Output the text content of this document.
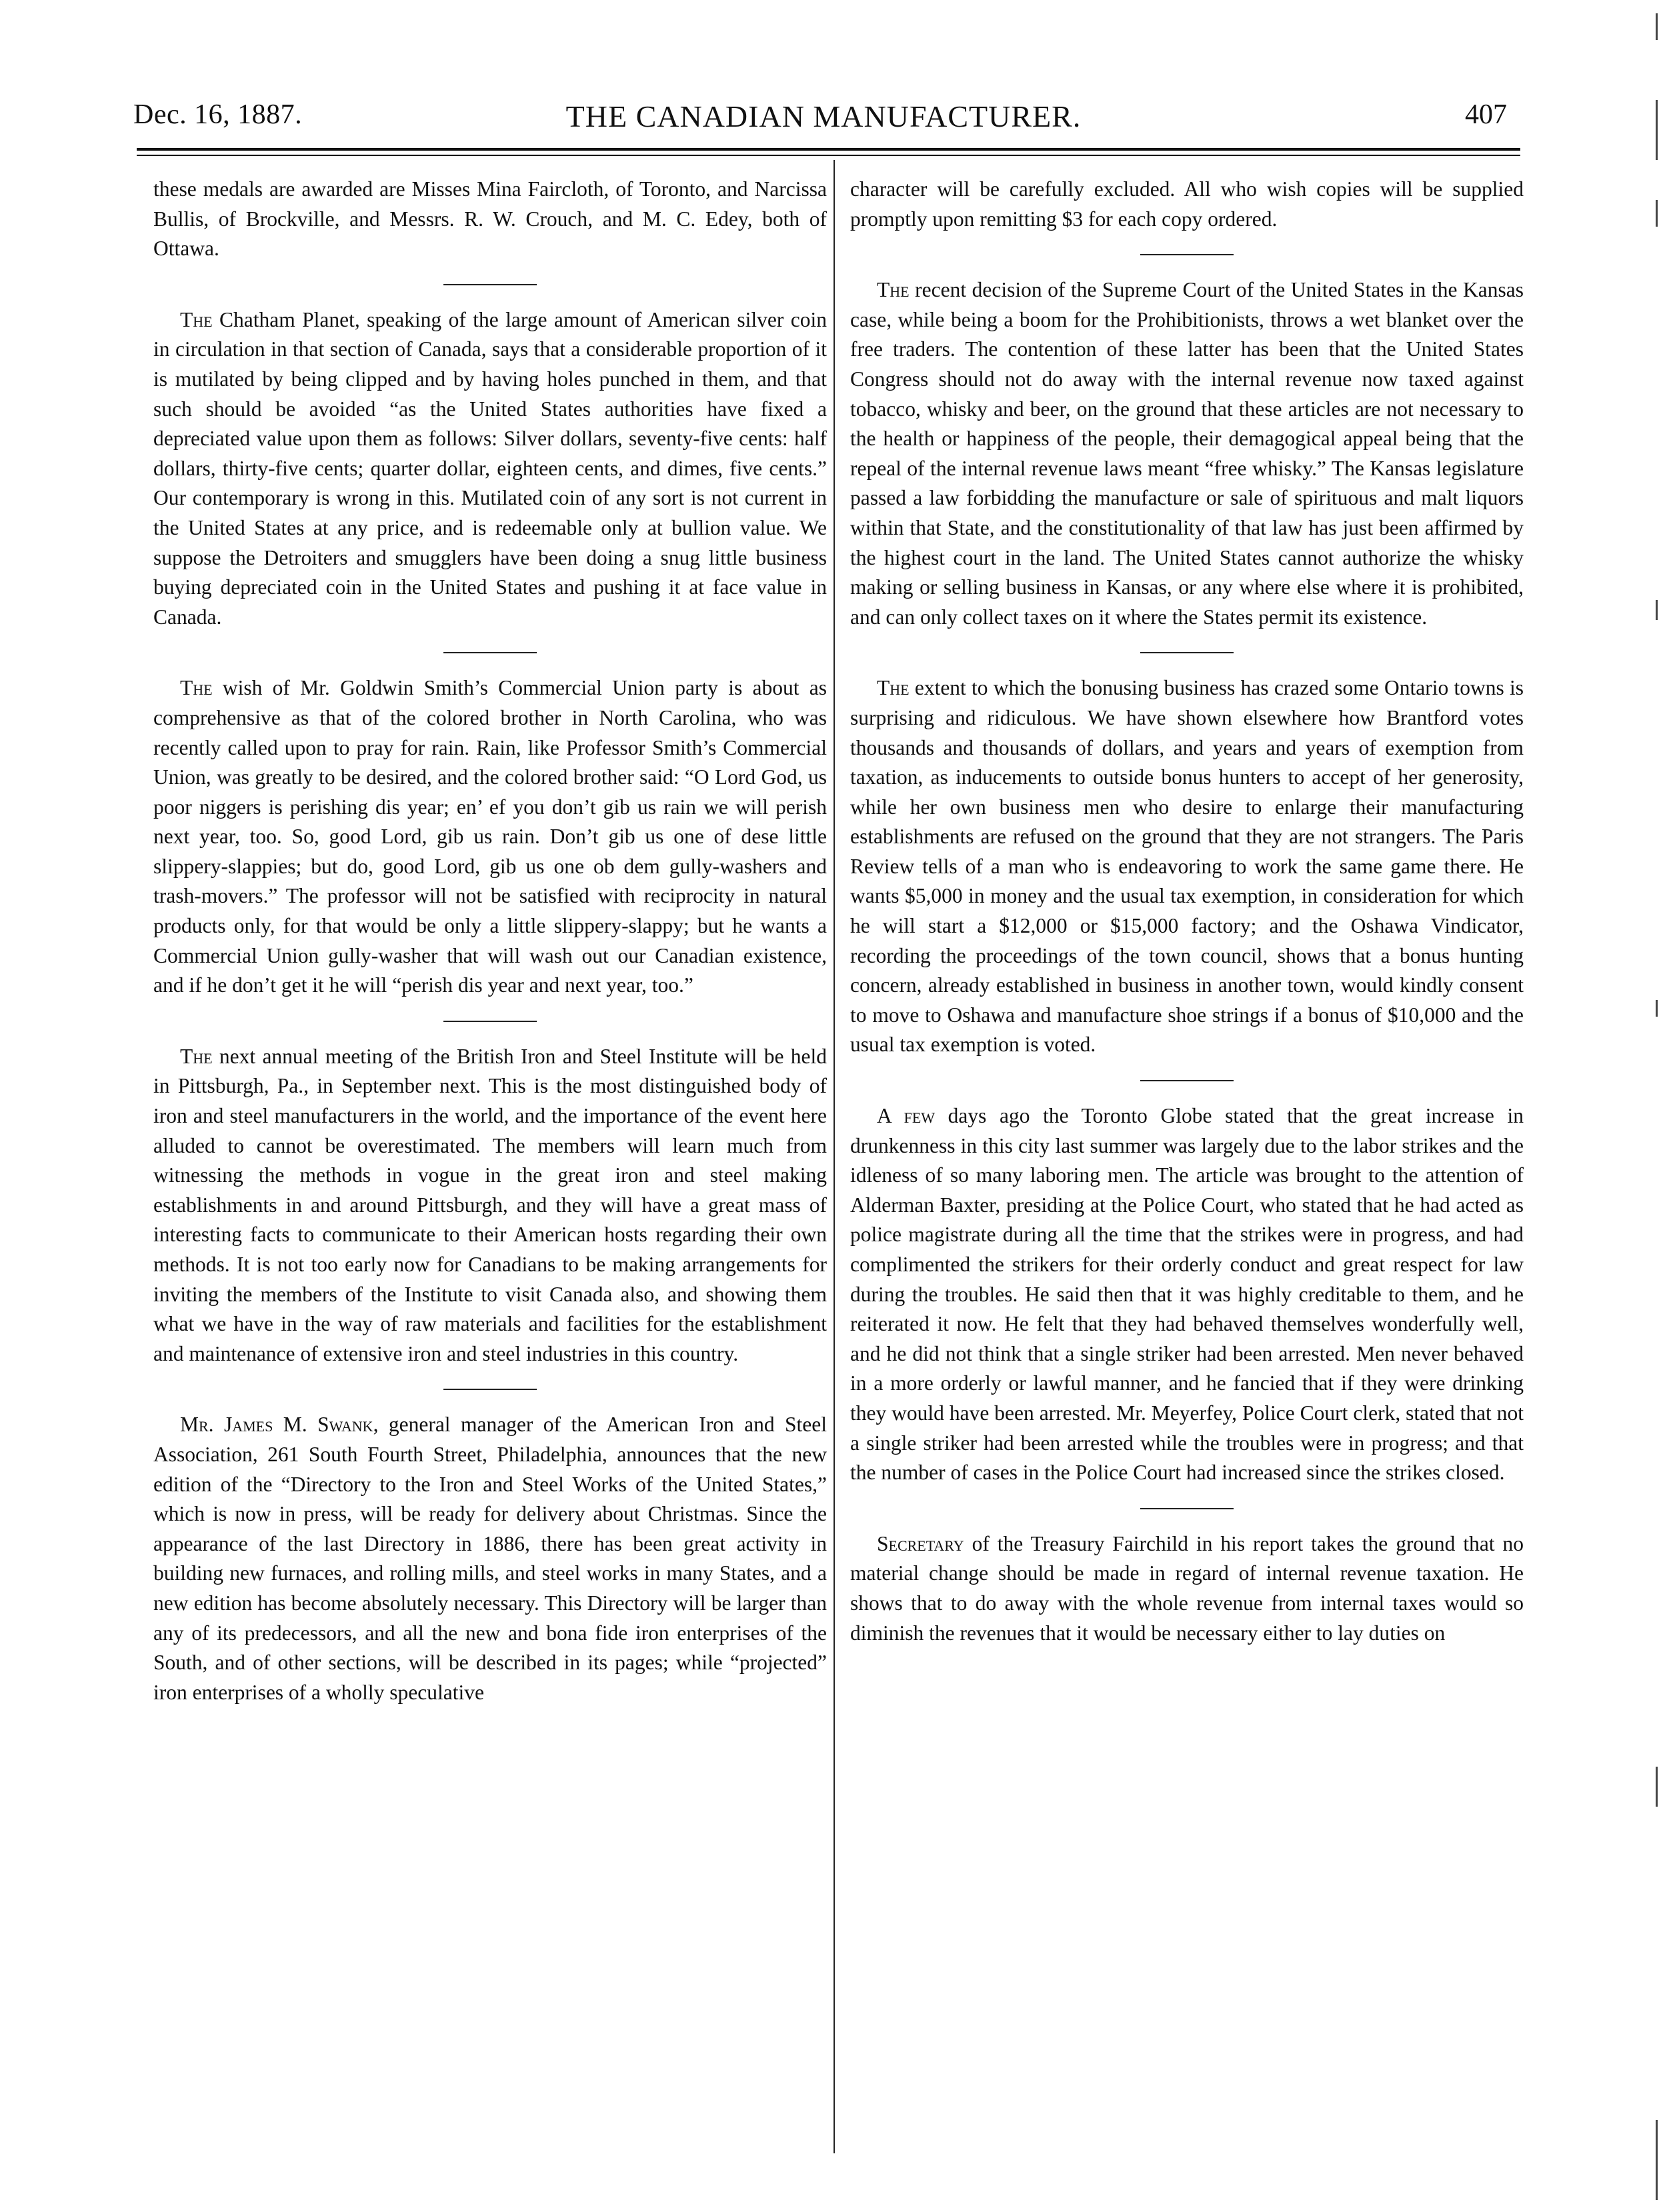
Dec. 16, 1887.	THE CANADIAN MANUFACTURER.	407

these medals are awarded are Misses Mina Faircloth, of Toronto, and Narcissa Bullis, of Brockville, and Messrs. R. W. Crouch, and M. C. Edey, both of Ottawa.

The Chatham Planet, speaking of the large amount of American silver coin in circulation in that section of Canada, says that a considerable proportion of it is mutilated by being clipped and by having holes punched in them, and that such should be avoided “as the United States authorities have fixed a depreciated value upon them as follows: Silver dollars, seventy-five cents: half dollars, thirty-five cents; quarter dollar, eighteen cents, and dimes, five cents.” Our contemporary is wrong in this. Mutilated coin of any sort is not current in the United States at any price, and is redeemable only at bullion value. We suppose the Detroiters and smugglers have been doing a snug little business buying depreciated coin in the United States and pushing it at face value in Canada.

The wish of Mr. Goldwin Smith’s Commercial Union party is about as comprehensive as that of the colored brother in North Carolina, who was recently called upon to pray for rain. Rain, like Professor Smith’s Commercial Union, was greatly to be desired, and the colored brother said: “O Lord God, us poor niggers is perishing dis year; en’ ef you don’t gib us rain we will perish next year, too. So, good Lord, gib us rain. Don’t gib us one of dese little slippery-slappies; but do, good Lord, gib us one ob dem gully-washers and trash-movers.” The professor will not be satisfied with reciprocity in natural products only, for that would be only a little slippery-slappy; but he wants a Commercial Union gully-washer that will wash out our Canadian existence, and if he don’t get it he will “perish dis year and next year, too.”

The next annual meeting of the British Iron and Steel Institute will be held in Pittsburgh, Pa., in September next. This is the most distinguished body of iron and steel manufacturers in the world, and the importance of the event here alluded to cannot be overestimated. The members will learn much from witnessing the methods in vogue in the great iron and steel making establishments in and around Pittsburgh, and they will have a great mass of interesting facts to communicate to their American hosts regarding their own methods. It is not too early now for Canadians to be making arrangements for inviting the members of the Institute to visit Canada also, and showing them what we have in the way of raw materials and facilities for the establishment and maintenance of extensive iron and steel industries in this country.

Mr. James M. Swank, general manager of the American Iron and Steel Association, 261 South Fourth Street, Philadelphia, announces that the new edition of the “Directory to the Iron and Steel Works of the United States,” which is now in press, will be ready for delivery about Christmas. Since the appearance of the last Directory in 1886, there has been great activity in building new furnaces, and rolling mills, and steel works in many States, and a new edition has become absolutely necessary. This Directory will be larger than any of its predecessors, and all the new and bona fide iron enterprises of the South, and of other sections, will be described in its pages; while “projected” iron enterprises of a wholly speculative

character will be carefully excluded. All who wish copies will be supplied promptly upon remitting $3 for each copy ordered.

The recent decision of the Supreme Court of the United States in the Kansas case, while being a boom for the Prohibitionists, throws a wet blanket over the free traders. The contention of these latter has been that the United States Congress should not do away with the internal revenue now taxed against tobacco, whisky and beer, on the ground that these articles are not necessary to the health or happiness of the people, their demagogical appeal being that the repeal of the internal revenue laws meant “free whisky.” The Kansas legislature passed a law forbidding the manufacture or sale of spirituous and malt liquors within that State, and the constitutionality of that law has just been affirmed by the highest court in the land. The United States cannot authorize the whisky making or selling business in Kansas, or any where else where it is prohibited, and can only collect taxes on it where the States permit its existence.

The extent to which the bonusing business has crazed some Ontario towns is surprising and ridiculous. We have shown elsewhere how Brantford votes thousands and thousands of dollars, and years and years of exemption from taxation, as inducements to outside bonus hunters to accept of her generosity, while her own business men who desire to enlarge their manufacturing establishments are refused on the ground that they are not strangers. The Paris Review tells of a man who is endeavoring to work the same game there. He wants $5,000 in money and the usual tax exemption, in consideration for which he will start a $12,000 or $15,000 factory; and the Oshawa Vindicator, recording the proceedings of the town council, shows that a bonus hunting concern, already established in business in another town, would kindly consent to move to Oshawa and manufacture shoe strings if a bonus of $10,000 and the usual tax exemption is voted.

A few days ago the Toronto Globe stated that the great increase in drunkenness in this city last summer was largely due to the labor strikes and the idleness of so many laboring men. The article was brought to the attention of Alderman Baxter, presiding at the Police Court, who stated that he had acted as police magistrate during all the time that the strikes were in progress, and had complimented the strikers for their orderly conduct and great respect for law during the troubles. He said then that it was highly creditable to them, and he reiterated it now. He felt that they had behaved themselves wonderfully well, and he did not think that a single striker had been arrested. Men never behaved in a more orderly or lawful manner, and he fancied that if they were drinking they would have been arrested. Mr. Meyerfey, Police Court clerk, stated that not a single striker had been arrested while the troubles were in progress; and that the number of cases in the Police Court had increased since the strikes closed.

Secretary of the Treasury Fairchild in his report takes the ground that no material change should be made in regard of internal revenue taxation. He shows that to do away with the whole revenue from internal taxes would so diminish the revenues that it would be necessary either to lay duties on
